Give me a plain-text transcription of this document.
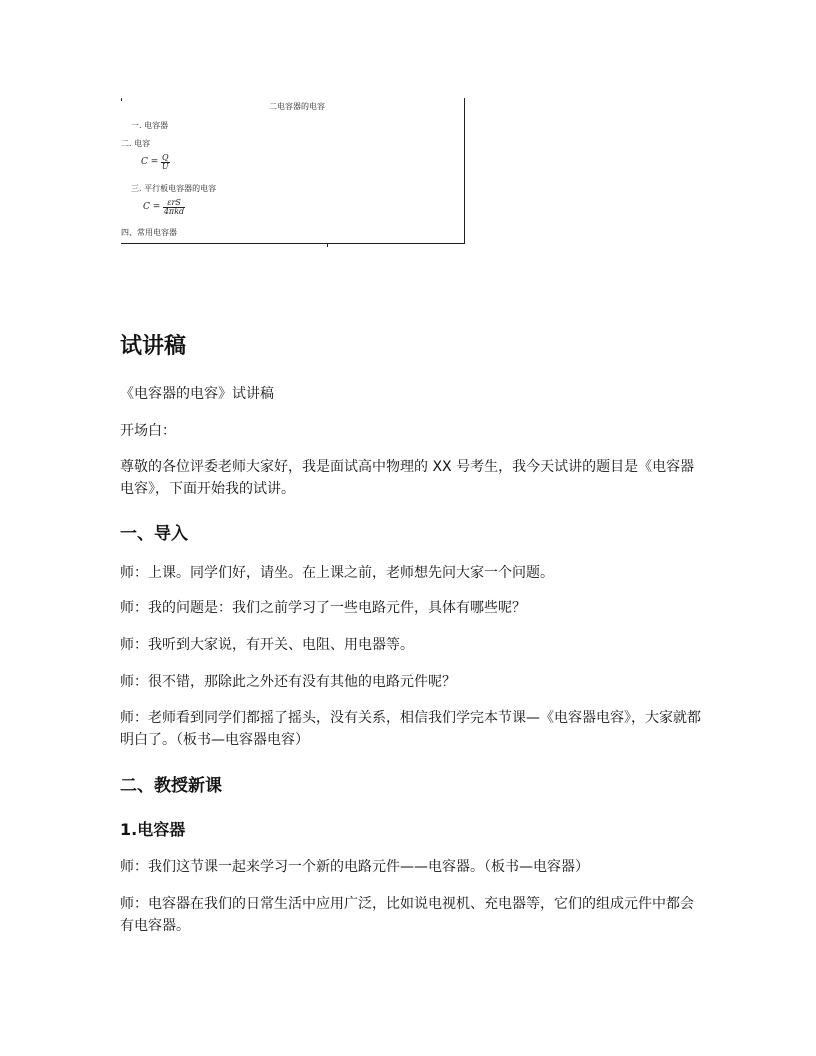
二电容器的电容
一. 电容器
二. 电容
$C = \frac{Q}{U}$
三. 平行板电容器的电容
$C = \frac{\text{εrS}}{\text{4πkd}}$
四、常用电容器
试讲稿

《电容器的电容》试讲稿

开场白：

尊敬的各位评委老师大家好，我是面试高中物理的 XX 号考生，我今天试讲的题目是《电容器电容》，下面开始我的试讲。

一、导入

师：上课。同学们好，请坐。在上课之前，老师想先问大家一个问题。

师：我的问题是：我们之前学习了一些电路元件，具体有哪些呢？

师：我听到大家说，有开关、电阻、用电器等。

师：很不错，那除此之外还有没有其他的电路元件呢？

师：老师看到同学们都摇了摇头，没有关系，相信我们学完本节课—《电容器电容》，大家就都明白了。（板书—电容器电容）

二、教授新课
1.电容器

师：我们这节课一起来学习一个新的电路元件——电容器。（板书—电容器）

师：电容器在我们的日常生活中应用广泛，比如说电视机、充电器等，它们的组成元件中都会有电容器。
